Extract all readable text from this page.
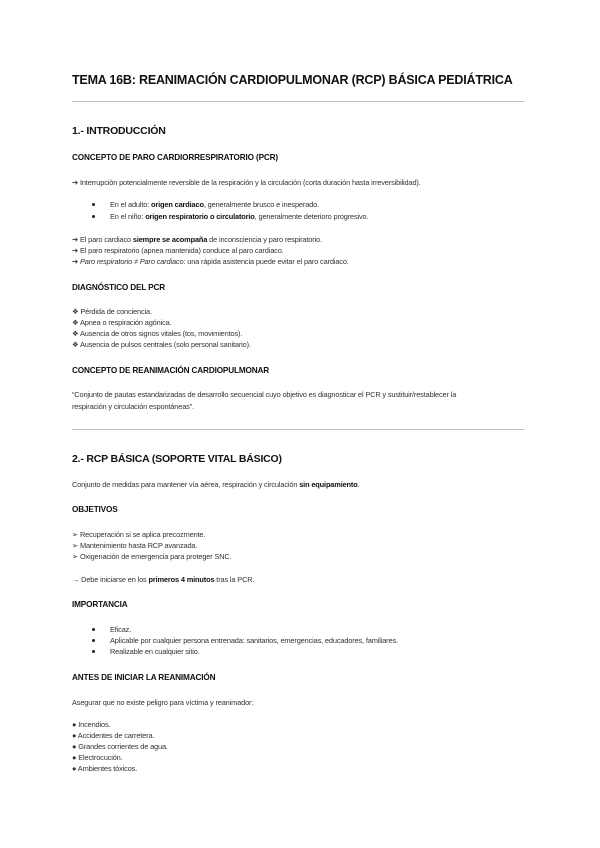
TEMA 16B: REANIMACIÓN CARDIOPULMONAR (RCP) BÁSICA PEDIÁTRICA
1.- INTRODUCCIÓN
CONCEPTO DE PARO CARDIORRESPIRATORIO (PCR)
➔ Interrupción potencialmente reversible de la respiración y la circulación (corta duración hasta irreversibilidad).
En el adulto: origen cardiaco, generalmente brusco e inesperado.
En el niño: origen respiratorio o circulatorio, generalmente deterioro progresivo.
➔ El paro cardiaco siempre se acompaña de inconsciencia y paro respiratorio.
➔ El paro respiratorio (apnea mantenida) conduce al paro cardiaco.
➔ Paro respiratorio ≠ Paro cardiaco: una rápida asistencia puede evitar el paro cardiaco.
DIAGNÓSTICO DEL PCR
❖ Pérdida de conciencia.
❖ Apnea o respiración agónica.
❖ Ausencia de otros signos vitales (tos, movimientos).
❖ Ausencia de pulsos centrales (solo personal sanitario).
CONCEPTO DE REANIMACIÓN CARDIOPULMONAR
“Conjunto de pautas estandarizadas de desarrollo secuencial cuyo objetivo es diagnosticar el PCR y sustituir/restablecer la
respiración y circulación espontáneas”.
2.- RCP BÁSICA (SOPORTE VITAL BÁSICO)
Conjunto de medidas para mantener vía aérea, respiración y circulación sin equipamiento.
OBJETIVOS
➢ Recuperación si se aplica precozmente.
➢ Mantenimiento hasta RCP avanzada.
➢ Oxigenación de emergencia para proteger SNC.
→ Debe iniciarse en los primeros 4 minutos tras la PCR.
IMPORTANCIA
Eficaz.
Aplicable por cualquier persona entrenada: sanitarios, emergencias, educadores, familiares.
Realizable en cualquier sitio.
ANTES DE INICIAR LA REANIMACIÓN
Asegurar que no existe peligro para víctima y reanimador:
● Incendios.
● Accidentes de carretera.
● Grandes corrientes de agua.
● Electrocución.
● Ambientes tóxicos.
